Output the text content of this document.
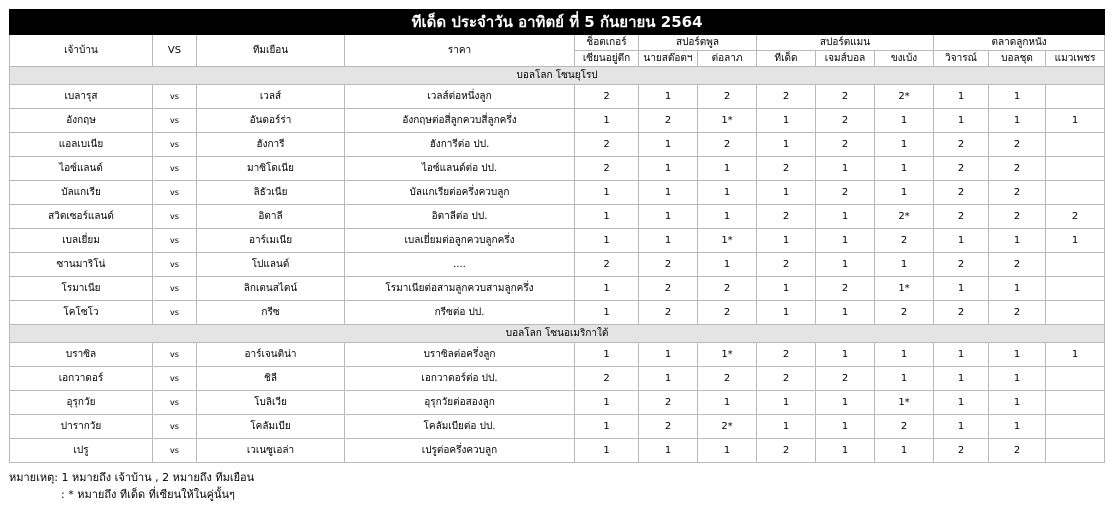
ทีเด็ด ประจำวัน อาทิตย์ ที่ 5 กันยายน 2564												
เจ้าบ้าน	VS	ทีมเยือน	ราคา	ช็อตเกอร์	สปอร์ตพูล		สปอร์ตแมน			ตลาดลูกหนัง		
				เซียนอยู่ตึก	นายสต๊อตฯ	ต่อลาภ	ทีเด็ด	เจมส์บอล	ขงเบ้ง	วิจารณ์	บอลชุด	แมวเพชร
บอลโลก โซนยุโรป												
เบลารุส	vs	เวลส์	เวลส์ต่อหนึ่งลูก	2	1	2	2	2	2*	1	1	
อังกฤษ	vs	อันดอร์ร่า	อังกฤษต่อสี่ลูกควบสี่ลูกครึ่ง	1	2	1*	1	2	1	1	1	1
แอลเบเนีย	vs	ฮังการี	ฮังการีต่อ ปป.	2	1	2	1	2	1	2	2	
ไอซ์แลนด์	vs	มาซิโดเนีย	ไอซ์แลนด์ต่อ ปป.	2	1	1	2	1	1	2	2	
บัลแกเรีย	vs	ลิธัวเนีย	บัลแกเรียต่อครึ่งควบลูก	1	1	1	1	2	1	2	2	
สวิตเซอร์แลนด์	vs	อิตาลี	อิตาลีต่อ ปป.	1	1	1	2	1	2*	2	2	2
เบลเยี่ยม	vs	อาร์เมเนีย	เบลเยี่ยมต่อลูกควบลูกครึ่ง	1	1	1*	1	1	2	1	1	1
ซานมาริโน่	vs	โปแลนด์	....	2	2	1	2	1	1	2	2	
โรมาเนีย	vs	ลิกเตนสไตน์	โรมาเนียต่อสามลูกควบสามลูกครึ่ง	1	2	2	1	2	1*	1	1	
โคโซโว	vs	กรีซ	กรีซต่อ ปป.	1	2	2	1	1	2	2	2	
บอลโลก โซนอเมริกาใต้												
บราซิล	vs	อาร์เจนติน่า	บราซิลต่อครึ่งลูก	1	1	1*	2	1	1	1	1	1
เอกวาดอร์	vs	ชิลี	เอกวาดอร์ต่อ ปป.	2	1	2	2	2	1	1	1	
อุรุกวัย	vs	โบลิเวีย	อุรุกวัยต่อสองลูก	1	2	1	1	1	1*	1	1	
ปารากวัย	vs	โคลัมเบีย	โคลัมเบียต่อ ปป.	1	2	2*	1	1	2	1	1	
เปรู	vs	เวเนซูเอล่า	เปรูต่อครึ่งควบลูก	1	1	1	2	1	1	2	2	
หมายเหตุ: 1 หมายถึง เจ้าบ้าน , 2 หมายถึง ทีมเยือน
: * หมายถึง ทีเด็ด ที่เซียนให้ในคู่นั้นๆ
